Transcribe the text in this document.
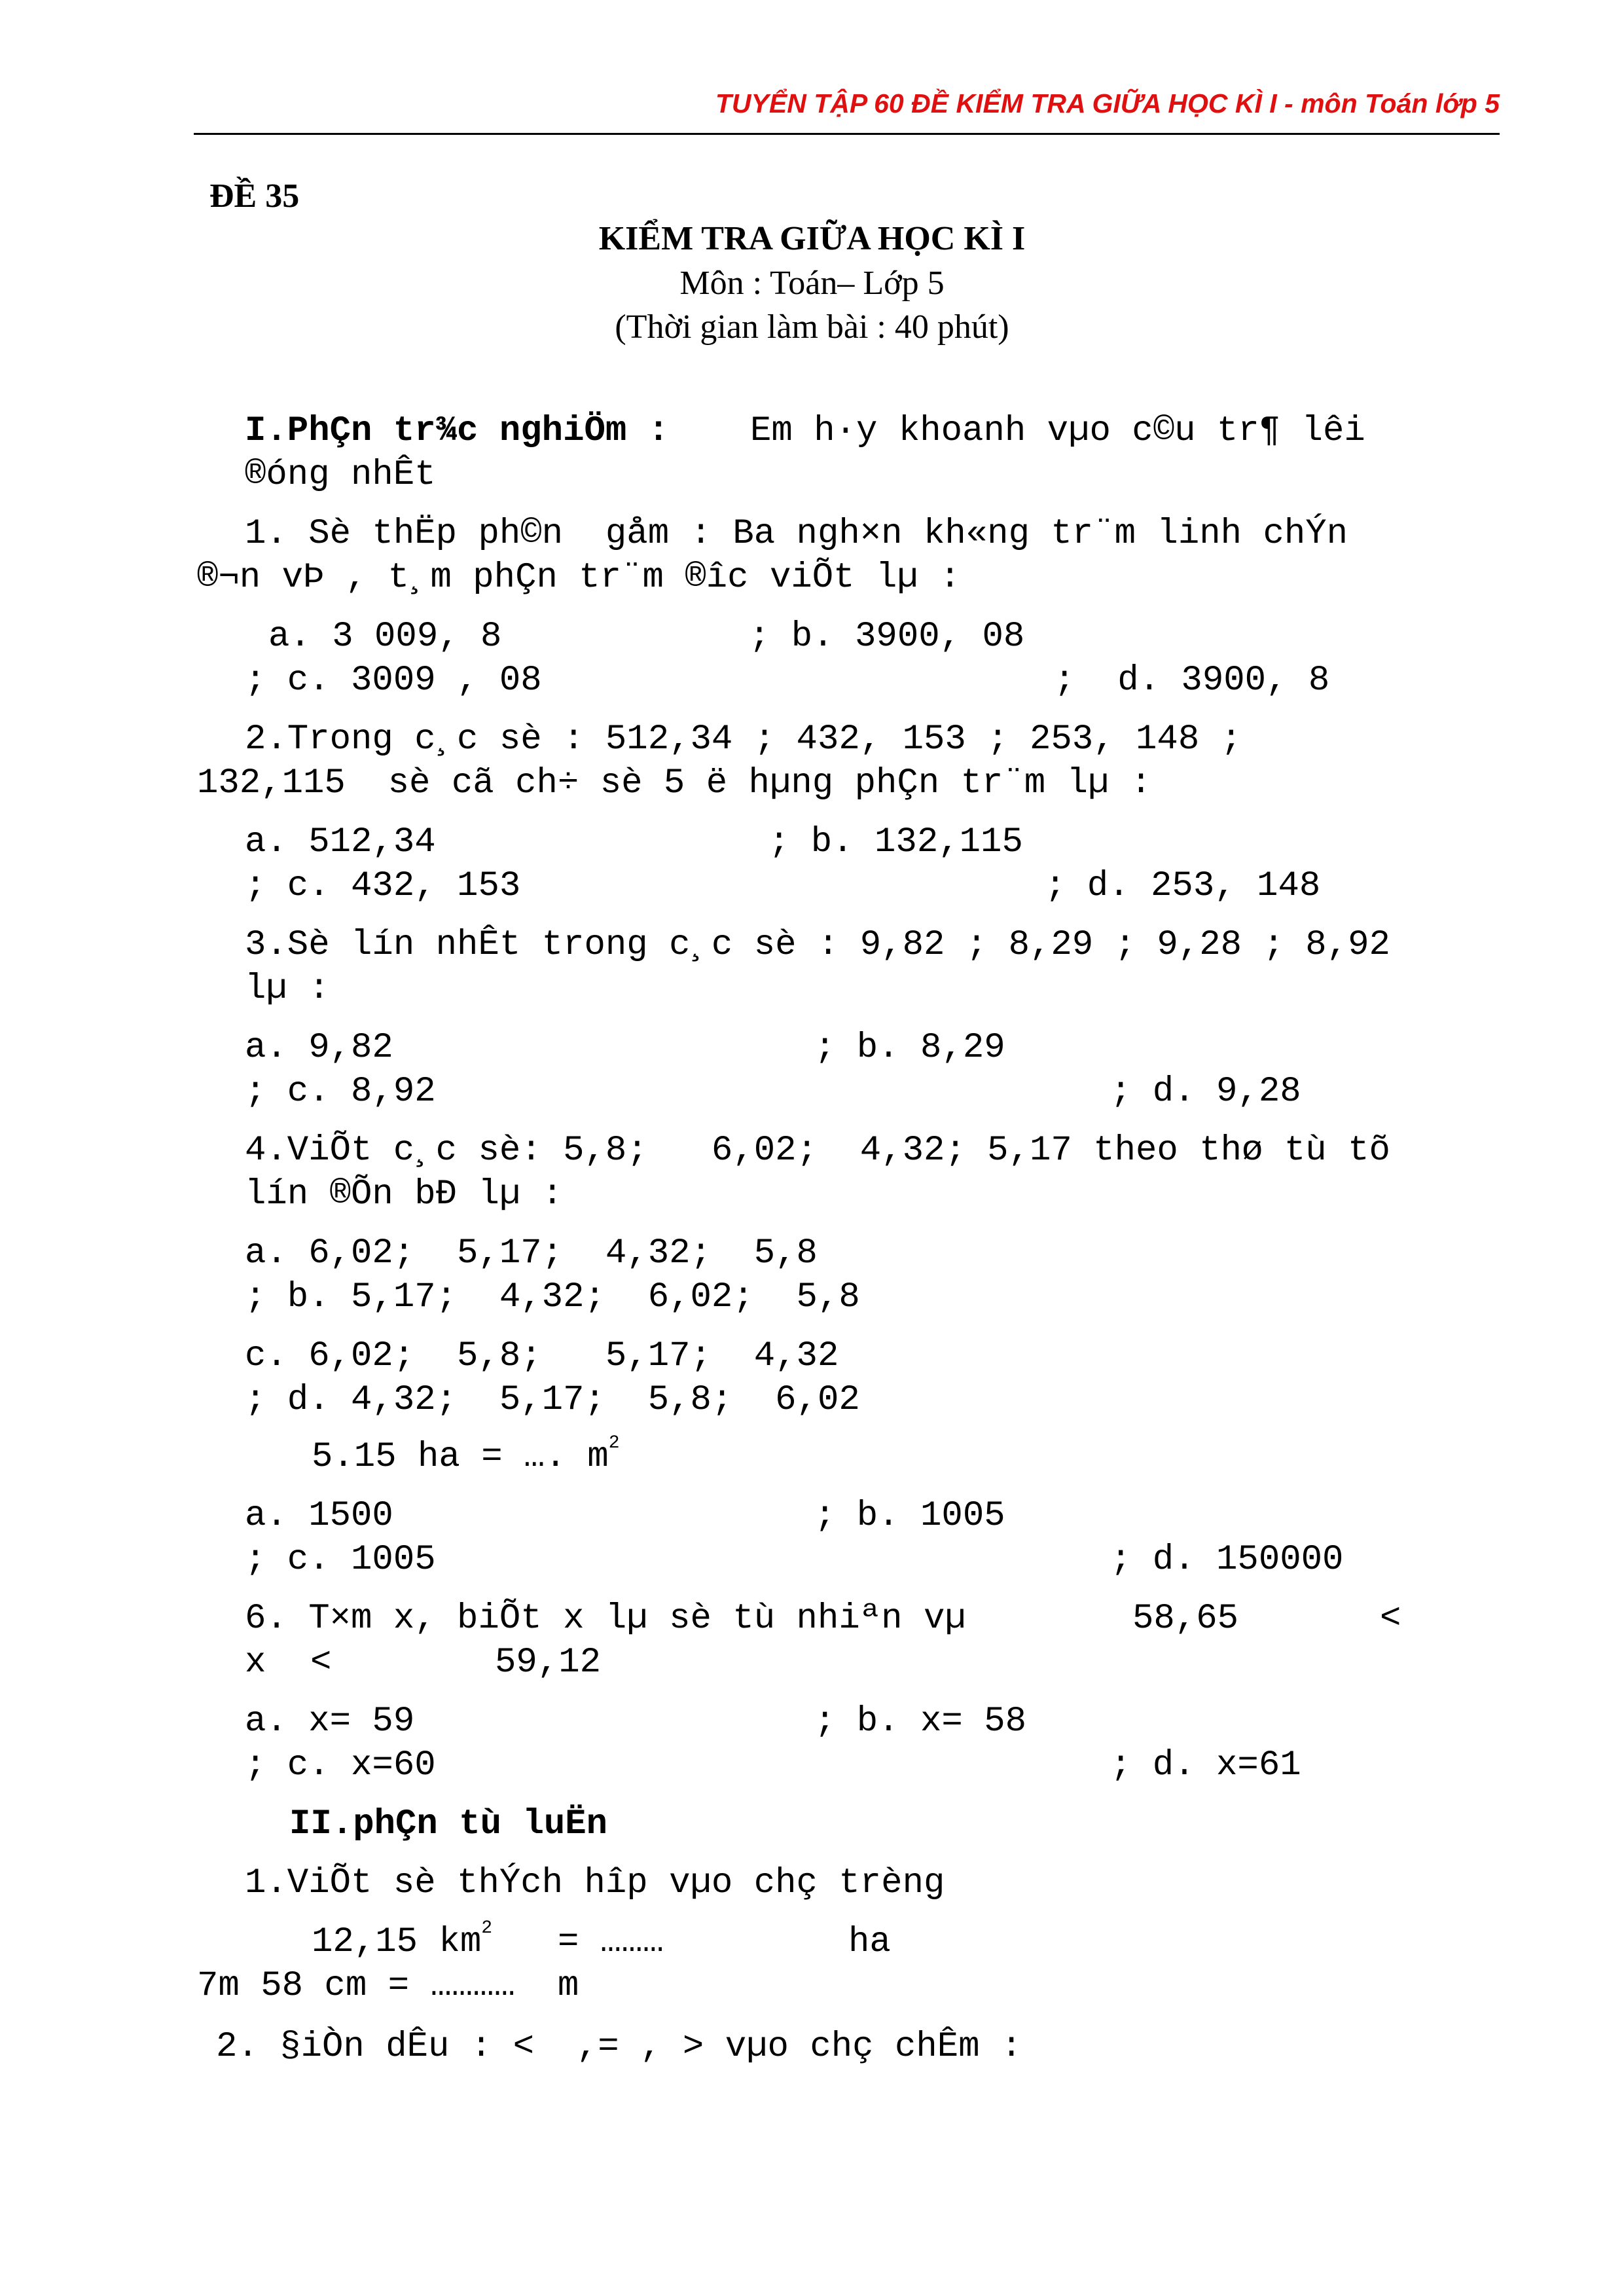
TUYỂN TẬP 60 ĐỀ KIỂM TRA GIỮA HỌC KÌ I - môn Toán lớp 5
ĐỀ 35
KIỂM TRA GIỮA HỌC KÌ I
Môn : Toán– Lớp 5
(Thời gian làm bài : 40 phút)
I.PhÇn tr¾c nghiÖm : Em h·y khoanh vµo c©u tr¶ lêi
®óng nhÊt
1. Sè thËp ph©n  gåm : Ba ngh×n kh«ng tr¨m linh chÝn
®¬n vÞ , t¸m phÇn tr¨m ®îc viÕt lµ :
a. 3 009, 8	; b. 3900, 08
; c. 3009 , 08	;  d. 3900, 8
2.Trong c¸c sè : 512,34 ; 432, 153 ; 253, 148 ;
132,115  sè cã ch÷ sè 5 ë hµng phÇn tr¨m lµ :
a. 512,34	; b. 132,115
; c. 432, 153	; d. 253, 148
3.Sè lín nhÊt trong c¸c sè : 9,82 ; 8,29 ; 9,28 ; 8,92
lµ :
a. 9,82	; b. 8,29
; c. 8,92	; d. 9,28
4.ViÕt c¸c sè: 5,8;   6,02;  4,32; 5,17 theo thø tù tõ
lín ®Õn bÐ lµ :
a. 6,02;  5,17;  4,32;  5,8
; b. 5,17;  4,32;  6,02;  5,8
c. 6,02;  5,8;   5,17;  4,32
; d. 4,32;  5,17;  5,8;  6,02
5.15 ha = …. $m^2$
a. 1500	; b. 1005
; c. 1005	; d. 150000
6. T×m x, biÕt x lµ sè tù nhiªn vµ	58,65	<
x <	59,12
a. x= 59	; b. x= 58
; c. x=60	; d. x=61
II.phÇn tù luËn
1.ViÕt sè thÝch hîp vµo chç trèng
12,15 $km^2$ = ………	ha
7m 58 cm = …………  m
2. §iÒn dÊu : <  ,= , > vµo chç chÊm :
